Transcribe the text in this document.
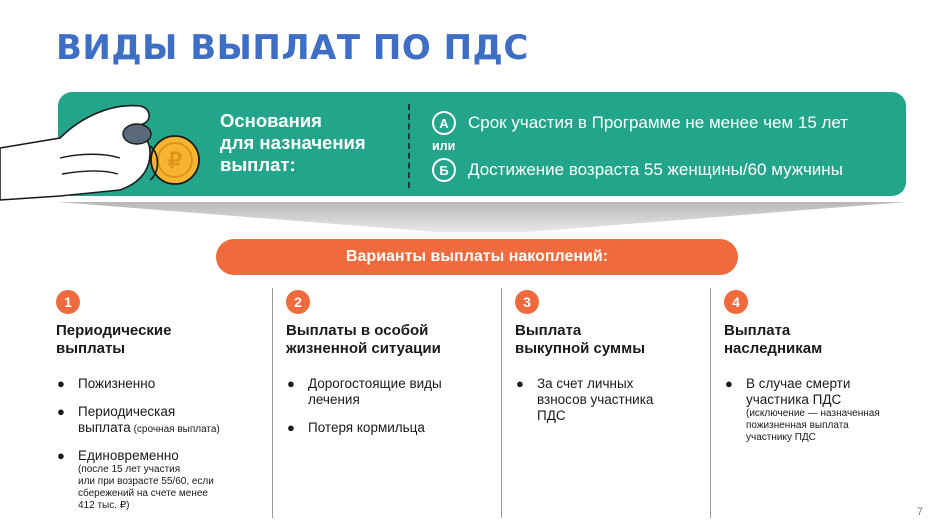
ВИДЫ ВЫПЛАТ ПО ПДС
₽
Основания
для назначения
выплат:
А	Срок участия в Программе не менее чем 15 лет
или
Б	Достижение возраста 55 женщины/60 мужчины
Варианты выплаты накоплений:
1
Периодические
выплаты
● Пожизненно
● Периодическая
выплата (срочная выплата)
● Единовременно
(после 15 лет участия
или при возрасте 55/60, если
сбережений на счете менее
412 тыс. ₽)
2
Выплаты в особой
жизненной ситуации
● Дорогостоящие виды
лечения
● Потеря кормильца
3
Выплата
выкупной суммы
● За счет личных
взносов участника
ПДС
4
Выплата
наследникам
● В случае смерти
участника ПДС
(исключение — назначенная
пожизненная выплата
участнику ПДС
7
